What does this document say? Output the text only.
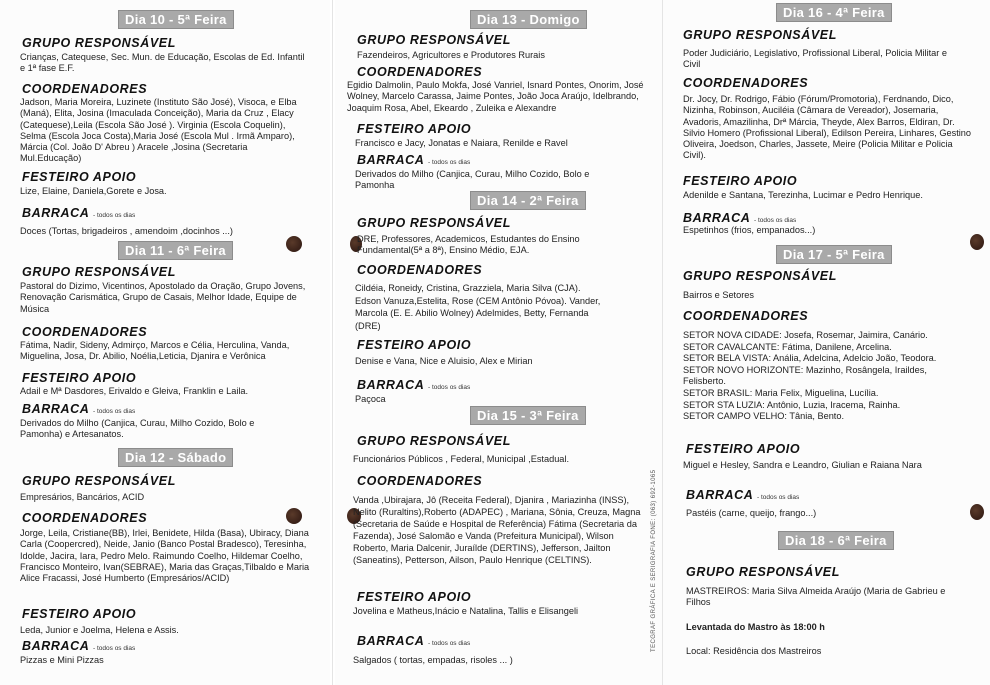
Dia 10 - 5ª Feira
GRUPO RESPONSÁVEL
Crianças, Catequese, Sec. Mun. de Educação, Escolas de Ed. Infantil e 1ª fase E.F.
COORDENADORES
Jadson, Maria Moreira, Luzinete (Instituto São José), Visoca, e Elba (Maná), Elita, Josina (Imaculada Conceição), Maria da Cruz , Elacy (Catequese),Leila (Escola São José ). Virginia (Escola Coquelin), Selma (Escola Joca Costa),Maria José (Escola Mul . Irmã Amparo), Márcia (Col. João D' Abreu ) Aracele ,Josina (Secretaria Mul.Educação)
FESTEIRO APOIO
Lize, Elaine, Daniela,Gorete e Josa.
BARRACA - todos os dias
Doces (Tortas, brigadeiros , amendoim ,docinhos ...)
Dia 11 - 6ª Feira
GRUPO RESPONSÁVEL
Pastoral do Dizimo, Vicentinos, Apostolado da Oração, Grupo Jovens, Renovação Carismática, Grupo de Casais, Melhor Idade, Equipe de Música
COORDENADORES
Fátima, Nadir, Sideny, Admirço, Marcos e Célia, Herculina, Vanda, Miguelina, Josa, Dr. Abilio, Noélia,Leticia, Djanira e Verônica
FESTEIRO APOIO
Adail e Mª Dasdores, Erivaldo e Gleiva, Franklin e Laila.
BARRACA - todos os dias
Derivados do Milho (Canjica, Curau, Milho Cozido, Bolo e Pamonha) e Artesanatos.
Dia 12 - Sábado
GRUPO RESPONSÁVEL
Empresários, Bancários, ACID
COORDENADORES
Jorge, Leila, Cristiane(BB), Irlei, Benidete, Hilda (Basa), Ubiracy, Diana Carla (Coopercred), Neide, Janio (Banco Postal Bradesco), Teresinha, Idolde, Jacira, Iara, Pedro Melo. Raimundo Coelho, Hildemar Coelho, Francisco Monteiro, Ivan(SEBRAE), Maria das Graças,Tilbaldo e Maria Alice Fracassi, José Humberto (Empresários/ACID)
FESTEIRO APOIO
Leda, Junior e Joelma, Helena e Assis.
BARRACA - todos os dias
Pizzas e Mini Pizzas
Dia 13 - Domigo
GRUPO RESPONSÁVEL
Fazendeiros, Agricultores e Produtores Rurais
COORDENADORES
Egidio Dalmolin, Paulo Mokfa, José Vanriel, Isnard Pontes, Onorim, José Wolney, Marcelo Carassa, Jaime Pontes, João Joca Araújo, Idelbrando, Joaquim Rosa, Abel, Ekeardo , Zuleika e Alexandre
FESTEIRO APOIO
Francisco e Jacy, Jonatas e Naiara, Renilde e Ravel
BARRACA - todos os dias
Derivados do Milho (Canjica, Curau, Milho Cozido, Bolo e Pamonha
Dia 14 - 2ª Feira
GRUPO RESPONSÁVEL
DRE, Professores, Academicos, Estudantes do Ensino Fundamental(5ª a 8ª), Ensino Médio, EJA.
COORDENADORES
Cildéia, Roneidy, Cristina, Grazziela, Maria Silva (CJA). Edson Vanuza,Estelita, Rose (CEM Antônio Póvoa). Vander, Marcola (E. E. Abilio Wolney) Adelmides, Betty, Fernanda (DRE)
FESTEIRO APOIO
Denise e Vana, Nice e Aluisio, Alex e Mirian
BARRACA - todos os dias
Paçoca
Dia 15 - 3ª Feira
GRUPO RESPONSÁVEL
Funcionários Públicos , Federal, Municipal ,Estadual.
COORDENADORES
Vanda ,Ubirajara, Jô (Receita Federal), Djanira , Mariazinha (INSS), Nelito (Ruraltins),Roberto (ADAPEC) , Mariana, Sônia, Creuza, Magna (Secretaria de Saúde e Hospital de Referência) Fátima (Secretaria da Fazenda), José Salomão e Vanda (Prefeitura Municipal), Wilson Roberto, Maria Dalcenir, Juraílde (DERTINS), Jefferson, Jailton (Saneatins), Petterson, Ailson, Paulo Henrique (CELTINS).
FESTEIRO APOIO
Jovelina e Matheus,Inácio e Natalina, Tallis e Elisangeli
BARRACA - todos os dias
Salgados ( tortas, empadas, risoles ... )
TECGRAF GRÁFICA E SERIGRAFIA FONE: (063) 692-1065
Dia 16 - 4ª Feira
GRUPO RESPONSÁVEL
Poder Judiciário, Legislativo, Profissional Liberal, Policia Militar e Civil
COORDENADORES
Dr. Jocy, Dr. Rodrigo, Fábio (Fórum/Promotoria), Ferdnando, Dico, Nizinha, Robinson, Auciléia (Câmara de Vereador), Josemaria, Avadoris, Amazilinha, Drª Márcia, Theyde, Alex Barros, Eldiran, Dr. Silvio Homero (Profissional Liberal), Edilson Pereira, Linhares, Gestino Oliveira, Joedson, Charles, Jassete, Meire (Policia Militar e Policia Civil).
FESTEIRO APOIO
Adenilde e Santana, Terezinha, Lucimar e Pedro Henrique.
BARRACA - todos os dias
Espetinhos (frios, empanados...)
Dia 17 - 5ª Feira
GRUPO RESPONSÁVEL
Bairros e Setores
COORDENADORES
SETOR NOVA CIDADE: Josefa, Rosemar, Jaimira, Canário.
SETOR CAVALCANTE: Fátima, Danilene, Arcelina.
SETOR BELA VISTA: Anália, Adelcina, Adelcio João, Teodora.
SETOR NOVO HORIZONTE: Mazinho, Rosângela, Iraildes, Felisberto.
SETOR BRASIL: Maria Felix, Miguelina, Lucília.
SETOR STA LUZIA: Antônio, Luzia, Iracema, Rainha.
SETOR CAMPO VELHO: Tânia, Bento.
FESTEIRO APOIO
Miguel e Hesley, Sandra e Leandro, Giulian e Raiana Nara
BARRACA - todos os dias
Pastéis (carne, queijo, frango...)
Dia 18 - 6ª Feira
GRUPO RESPONSÁVEL
MASTREIROS: Maria Silva Almeida Araújo (Maria de Gabrieu e Filhos
Levantada do Mastro às 18:00 h
Local: Residência dos Mastreiros
